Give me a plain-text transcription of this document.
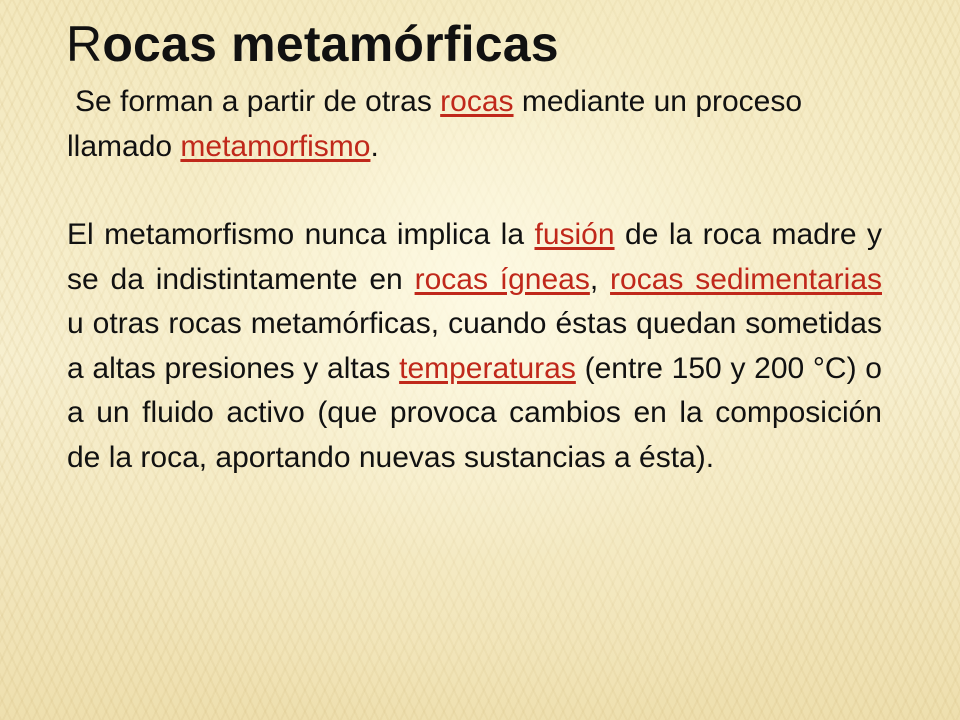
Rocas metamórficas

Se forman a partir de otras rocas mediante un proceso llamado metamorfismo.

El metamorfismo nunca implica la fusión de la roca madre y se da indistintamente en rocas ígneas, rocas sedimentarias u otras rocas metamórficas, cuando éstas quedan sometidas a altas presiones y altas temperaturas (entre 150 y 200 °C) o a un fluido activo (que provoca cambios en la composición de la roca, aportando nuevas sustancias a ésta).
